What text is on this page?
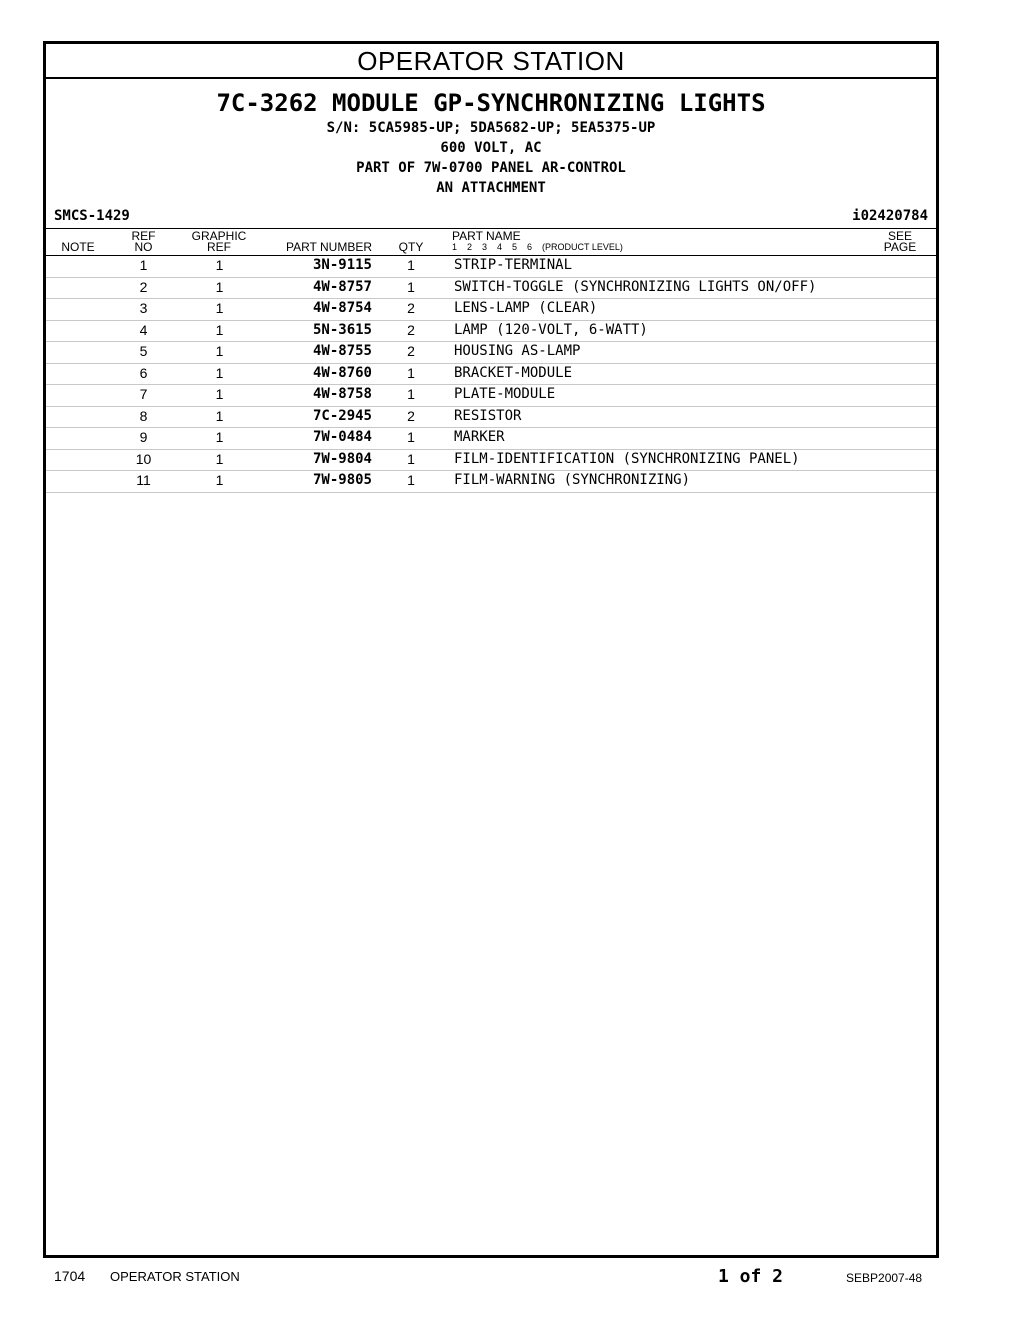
OPERATOR STATION
7C-3262 MODULE GP-SYNCHRONIZING LIGHTS
S/N: 5CA5985-UP; 5DA5682-UP; 5EA5375-UP
600 VOLT, AC
PART OF 7W-0700 PANEL AR-CONTROL
AN ATTACHMENT
SMCS-1429	i02420784
NOTE
REF
NO
GRAPHIC
REF	PART NUMBER QTY
PART NAME
1    2    3    4    5    6    (PRODUCT LEVEL)
SEE
PAGE
1	1	3N-9115	1	STRIP-TERMINAL
2	1	4W-8757	1	SWITCH-TOGGLE (SYNCHRONIZING LIGHTS ON/OFF)
3	1	4W-8754	2	LENS-LAMP (CLEAR)
4	1	5N-3615	2	LAMP (120-VOLT, 6-WATT)
5	1	4W-8755	2	HOUSING AS-LAMP
6	1	4W-8760	1	BRACKET-MODULE
7	1	4W-8758	1	PLATE-MODULE
8	1	7C-2945	2	RESISTOR
9	1	7W-0484	1	MARKER
10	1	7W-9804	1	FILM-IDENTIFICATION (SYNCHRONIZING PANEL)
11	1	7W-9805	1	FILM-WARNING (SYNCHRONIZING)
1704 OPERATOR STATION	1 of 2	SEBP2007-48
